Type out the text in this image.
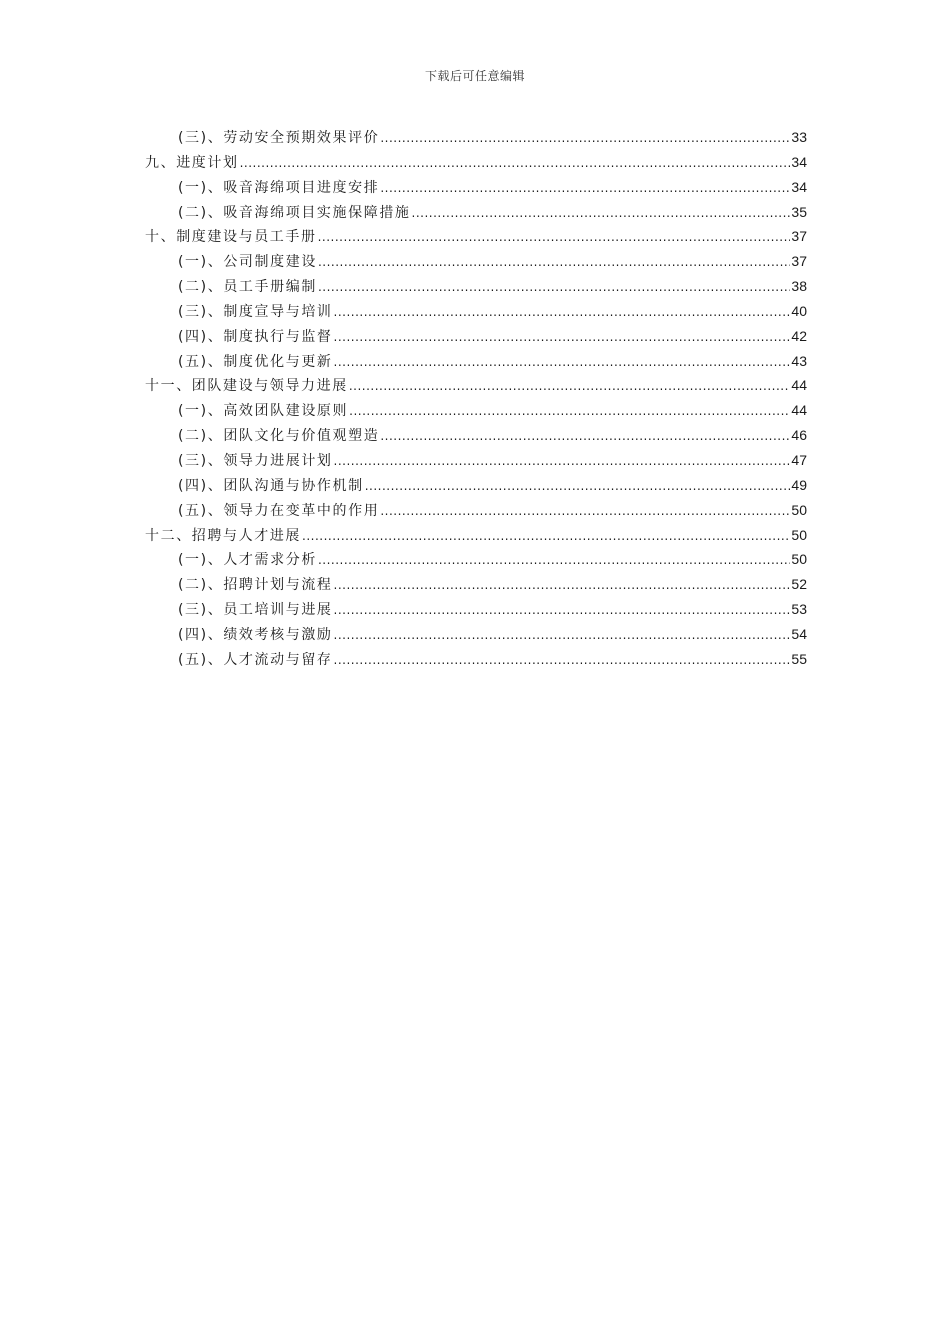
下载后可任意编辑
(三)、劳动安全预期效果评价 .....	33
九、进度计划 .....	34
(一)、吸音海绵项目进度安排 .....	34
(二)、吸音海绵项目实施保障措施 .....	35
十、制度建设与员工手册 .....	37
(一)、公司制度建设 .....	37
(二)、员工手册编制 .....	38
(三)、制度宣导与培训 .....	40
(四)、制度执行与监督 .....	42
(五)、制度优化与更新 .....	43
十一、团队建设与领导力进展 .....	44
(一)、高效团队建设原则 .....	44
(二)、团队文化与价值观塑造 .....	46
(三)、领导力进展计划 .....	47
(四)、团队沟通与协作机制 .....	49
(五)、领导力在变革中的作用 .....	50
十二、招聘与人才进展 .....	50
(一)、人才需求分析 .....	50
(二)、招聘计划与流程 .....	52
(三)、员工培训与进展 .....	53
(四)、绩效考核与激励 .....	54
(五)、人才流动与留存 .....	55
